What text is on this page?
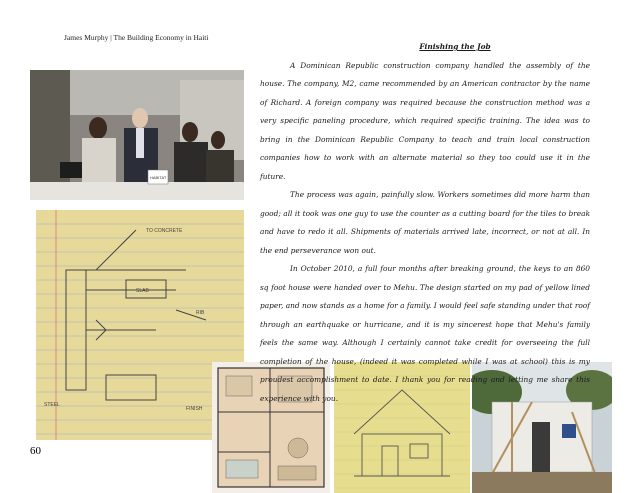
James Murphy | The Building Economy in Haiti
HABITAT
TO CONCRETE
SLAB
RIB
STEEL
FINISH
Finishing the Job

A Dominican Republic construction company handled the assembly of the house. The company, M2, came recommended by an American contractor by the name of Richard. A foreign company was required because the construction method was a very specific paneling procedure, which required specific training. The idea was to bring in the Dominican Republic Company to teach and train local construction companies how to work with an alternate material so they too could use it in the future.

The process was again, painfully slow. Workers sometimes did more harm than good; all it took was one guy to use the counter as a cutting board for the tiles to break and have to redo it all. Shipments of materials arrived late, incorrect, or not at all. In the end perseverance won out.

In October 2010, a full four months after breaking ground, the keys to an 860 sq foot house were handed over to Mehu. The design started on my pad of yellow lined paper, and now stands as a home for a family. I would feel safe standing under that roof through an earthquake or hurricane, and it is my sincerest hope that Mehu's family feels the same way. Although I certainly cannot take credit for overseeing the full completion of the house, (indeed it was completed while I was at school) this is my proudest accomplishment to date. I thank you for reading and letting me share this experience with you.

60
